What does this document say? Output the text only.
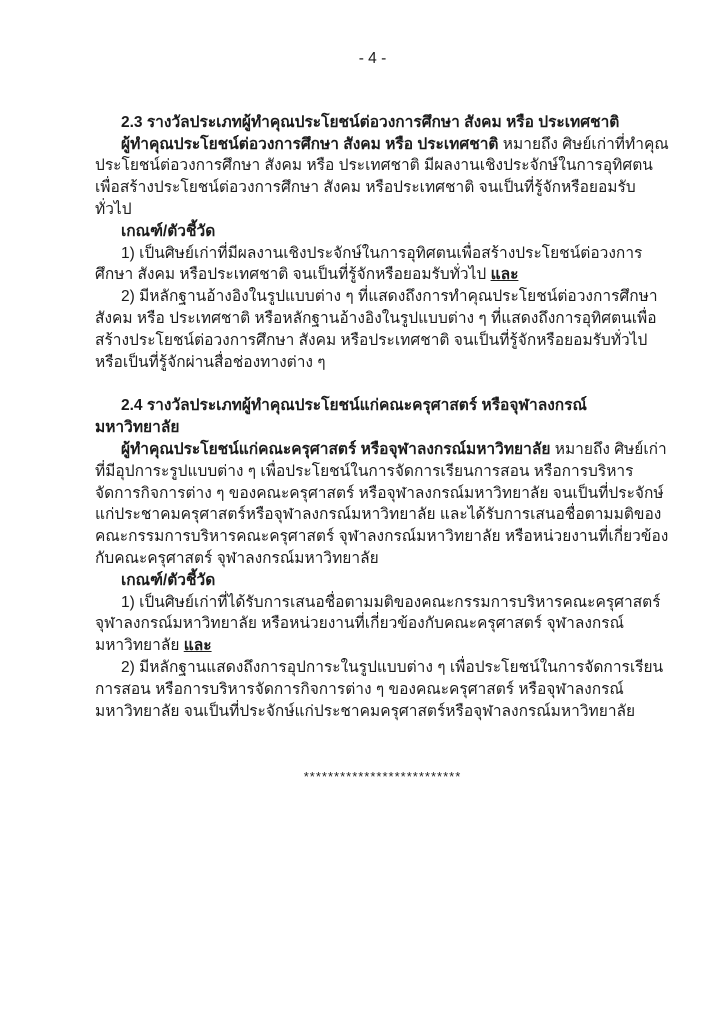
- 4 -

2.3 รางวัลประเภทผู้ทำคุณประโยชน์ต่อวงการศึกษา สังคม หรือ ประเทศชาติ

ผู้ทำคุณประโยชน์ต่อวงการศึกษา สังคม หรือ ประเทศชาติ หมายถึง ศิษย์เก่าที่ทำคุณประโยชน์ต่อวงการศึกษา สังคม หรือ ประเทศชาติ มีผลงานเชิงประจักษ์ในการอุทิศตนเพื่อสร้างประโยชน์ต่อวงการศึกษา สังคม หรือประเทศชาติ จนเป็นที่รู้จักหรือยอมรับทั่วไป

เกณฑ์/ตัวชี้วัด

1) เป็นศิษย์เก่าที่มีผลงานเชิงประจักษ์ในการอุทิศตนเพื่อสร้างประโยชน์ต่อวงการศึกษา สังคม หรือประเทศชาติ จนเป็นที่รู้จักหรือยอมรับทั่วไป และ

2) มีหลักฐานอ้างอิงในรูปแบบต่าง ๆ ที่แสดงถึงการทำคุณประโยชน์ต่อวงการศึกษา สังคม หรือ ประเทศชาติ หรือหลักฐานอ้างอิงในรูปแบบต่าง ๆ ที่แสดงถึงการอุทิศตนเพื่อสร้างประโยชน์ต่อวงการศึกษา สังคม หรือประเทศชาติ จนเป็นที่รู้จักหรือยอมรับทั่วไป หรือเป็นที่รู้จักผ่านสื่อช่องทางต่าง ๆ

2.4 รางวัลประเภทผู้ทำคุณประโยชน์แก่คณะครุศาสตร์ หรือจุฬาลงกรณ์มหาวิทยาลัย

ผู้ทำคุณประโยชน์แก่คณะครุศาสตร์ หรือจุฬาลงกรณ์มหาวิทยาลัย หมายถึง ศิษย์เก่าที่มีอุปการะรูปแบบต่าง ๆ เพื่อประโยชน์ในการจัดการเรียนการสอน หรือการบริหารจัดการกิจการต่าง ๆ ของคณะครุศาสตร์ หรือจุฬาลงกรณ์มหาวิทยาลัย จนเป็นที่ประจักษ์แก่ประชาคมครุศาสตร์หรือจุฬาลงกรณ์มหาวิทยาลัย และได้รับการเสนอชื่อตามมติของคณะกรรมการบริหารคณะครุศาสตร์ จุฬาลงกรณ์มหาวิทยาลัย หรือหน่วยงานที่เกี่ยวข้องกับคณะครุศาสตร์ จุฬาลงกรณ์มหาวิทยาลัย

เกณฑ์/ตัวชี้วัด

1) เป็นศิษย์เก่าที่ได้รับการเสนอชื่อตามมติของคณะกรรมการบริหารคณะครุศาสตร์ จุฬาลงกรณ์มหาวิทยาลัย หรือหน่วยงานที่เกี่ยวข้องกับคณะครุศาสตร์ จุฬาลงกรณ์มหาวิทยาลัย และ

2) มีหลักฐานแสดงถึงการอุปการะในรูปแบบต่าง ๆ เพื่อประโยชน์ในการจัดการเรียนการสอน หรือการบริหารจัดการกิจการต่าง ๆ ของคณะครุศาสตร์ หรือจุฬาลงกรณ์มหาวิทยาลัย จนเป็นที่ประจักษ์แก่ประชาคมครุศาสตร์หรือจุฬาลงกรณ์มหาวิทยาลัย

**************************
